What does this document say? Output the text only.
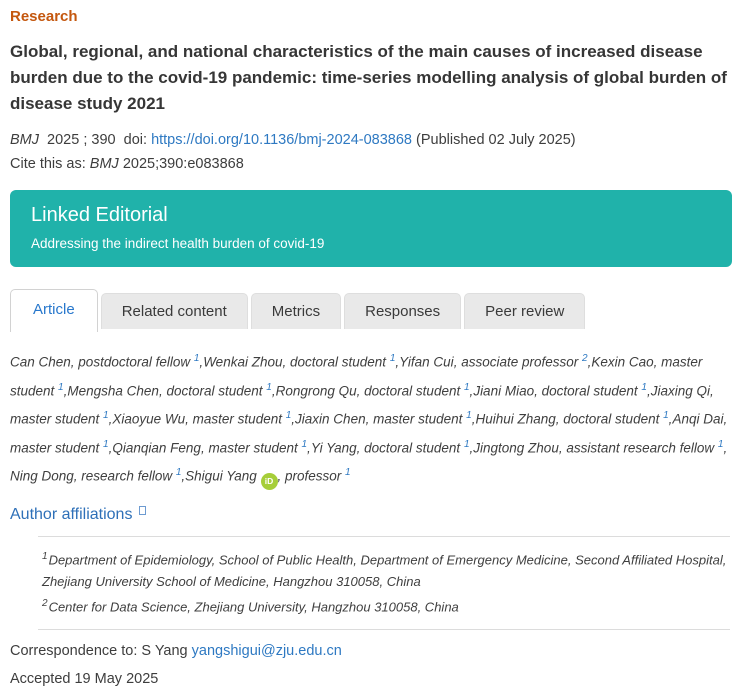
Research
Global, regional, and national characteristics of the main causes of increased disease burden due to the covid-19 pandemic: time-series modelling analysis of global burden of disease study 2021

BMJ 2025 ; 390 doi: https://doi.org/10.1136/bmj-2024-083868 (Published 02 July 2025)

Cite this as: BMJ 2025;390:e083868

Linked Editorial
Addressing the indirect health burden of covid-19
Article	Related content	Metrics	Responses	Peer review
Can Chen, postdoctoral fellow $^1$,​Wenkai Zhou, doctoral student $^1$,​Yifan Cui, associate professor $^2$,​Kexin Cao, master student $^1$,​Mengsha Chen, doctoral student $^1$,​Rongrong Qu, doctoral student $^1$,​Jiani Miao, doctoral student $^1$,​Jiaxing Qi, master student $^1$,​Xiaoyue Wu, master student $^1$,​Jiaxin Chen, master student $^1$,​Huihui Zhang, doctoral student $^1$,​Anqi Dai, master student $^1$,​Qianqian Feng, master student $^1$,​Yi Yang, doctoral student $^1$,​Jingtong Zhou, assistant research fellow $^1$,​Ning Dong, research fellow $^1$,​Shigui Yang iD , professor $^1$
Author affiliations
$^1$Department of Epidemiology, School of Public Health, Department of Emergency Medicine, Second Affiliated Hospital, Zhejiang University School of Medicine, Hangzhou 310058, China
$^2$Center for Data Science, Zhejiang University, Hangzhou 310058, China

Correspondence to: S Yang yangshigui@zju.edu.cn

Accepted 19 May 2025
